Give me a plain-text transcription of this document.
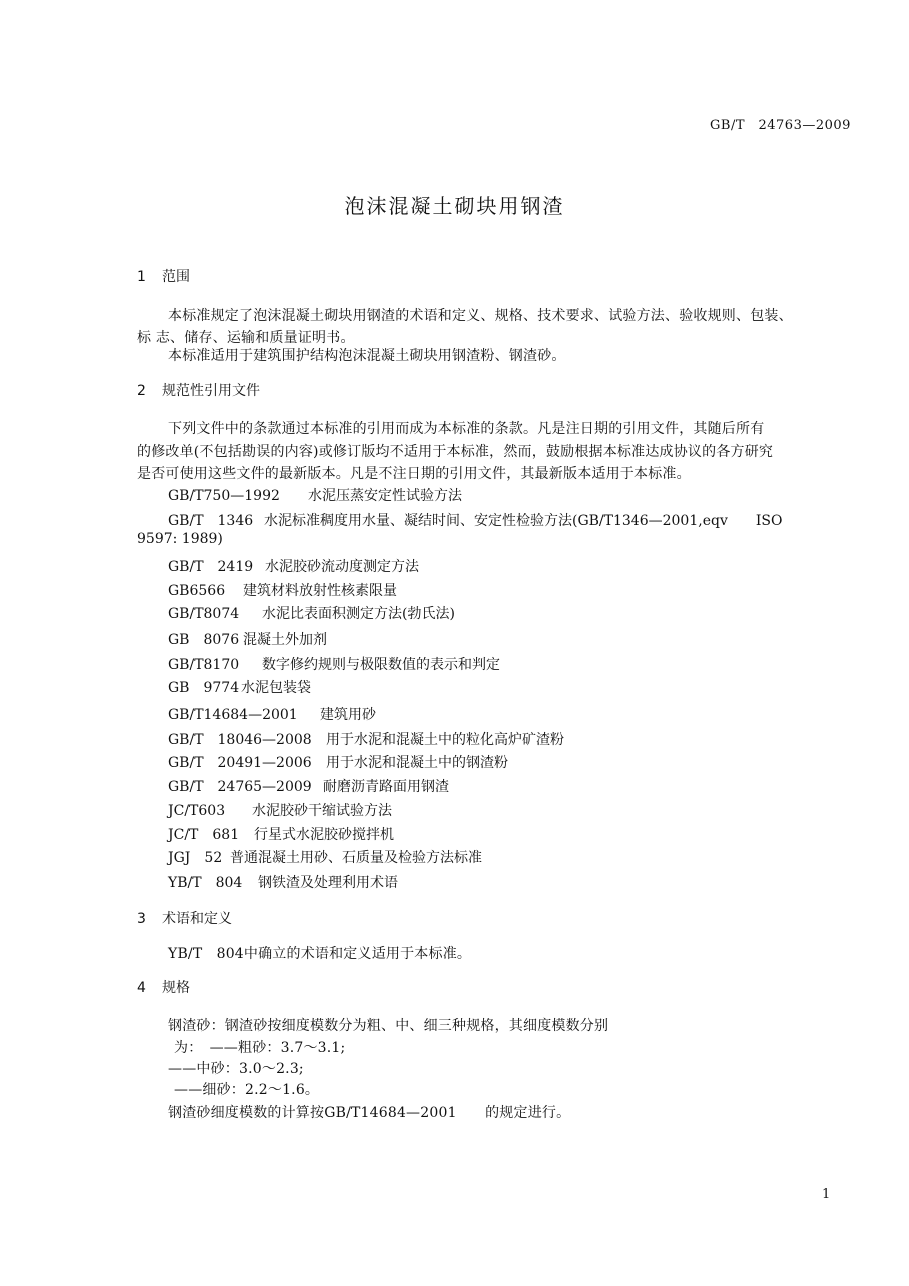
GB/T　24763—2009
泡沫混凝土砌块用钢渣
1 范围
本标准规定了泡沫混凝土砌块用钢渣的术语和定义、规格、技术要求、试验方法、验收规则、包装、
标 志、储存、运输和质量证明书。
本标准适用于建筑围护结构泡沫混凝土砌块用钢渣粉、钢渣砂。
2 规范性引用文件
下列文件中的条款通过本标准的引用而成为本标准的条款。凡是注日期的引用文件，其随后所有
的修改单(不包括勘误的内容)或修订版均不适用于本标准，然而，鼓励根据本标准达成协议的各方研究
是否可使用这些文件的最新版本。凡是不注日期的引用文件，其最新版本适用于本标准。
GB/T750—1992 水泥压蒸安定性试验方法
GB/T　1346 水泥标准稠度用水量、凝结时间、安定性检验方法(GB/T1346—2001,eqv　　ISO
9597: 1989)
GB/T　2419 水泥胶砂流动度测定方法
GB6566 建筑材料放射性核素限量
GB/T8074 水泥比表面积测定方法(勃氏法)
GB　8076 混凝土外加剂
GB/T8170 数字修约规则与极限数值的表示和判定
GB　9774 水泥包装袋
GB/T14684—2001 建筑用砂
GB/T　18046—2008 用于水泥和混凝土中的粒化高炉矿渣粉
GB/T　20491—2006 用于水泥和混凝土中的钢渣粉
GB/T　24765—2009 耐磨沥青路面用钢渣
JC/T603 水泥胶砂干缩试验方法
JC/T　681 行星式水泥胶砂搅拌机
JGJ　52 普通混凝土用砂、石质量及检验方法标准
YB/T　804 钢铁渣及处理利用术语
3 术语和定义
YB/T　804中确立的术语和定义适用于本标准。
4 规格
钢渣砂：钢渣砂按细度模数分为粗、中、细三种规格，其细度模数分别
为：　——粗砂：3.7～3.1;
——中砂：3.0～2.3;
——细砂：2.2～1.6。
钢渣砂细度模数的计算按GB/T14684—2001　　的规定进行。
1
